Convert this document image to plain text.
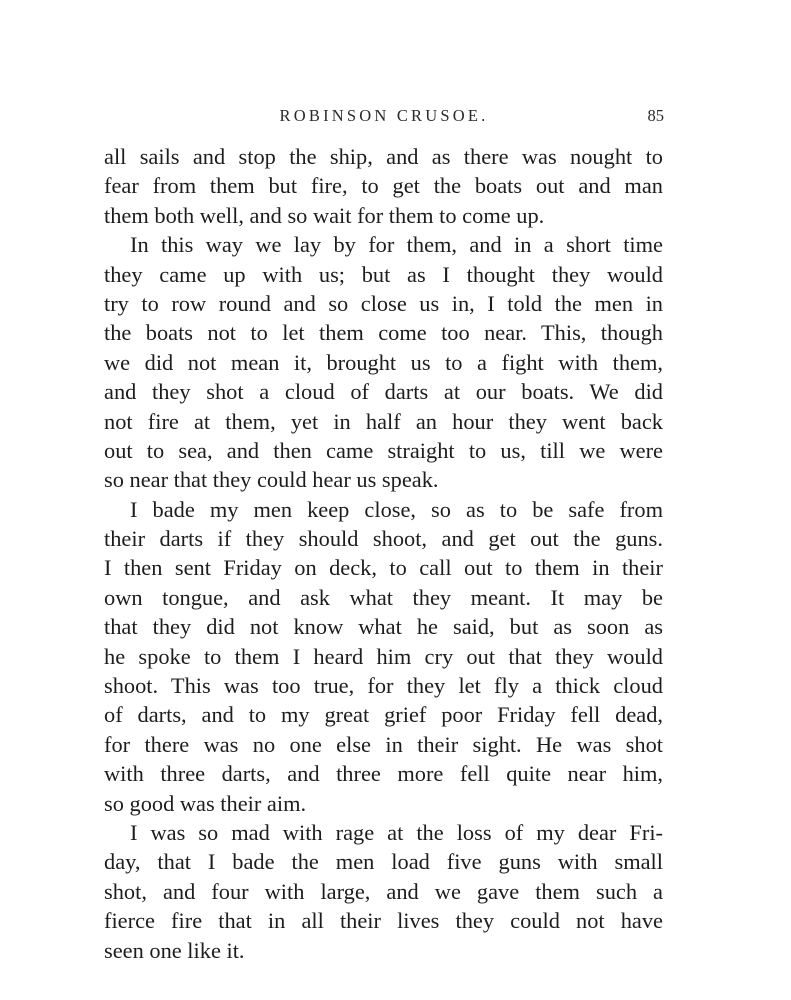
ROBINSON CRUSOE.	85
all sails and stop the ship, and as there was nought to
fear from them but fire, to get the boats out and man
them both well, and so wait for them to come up.
In this way we lay by for them, and in a short time
they came up with us; but as I thought they would
try to row round and so close us in, I told the men in
the boats not to let them come too near. This, though
we did not mean it, brought us to a fight with them,
and they shot a cloud of darts at our boats. We did
not fire at them, yet in half an hour they went back
out to sea, and then came straight to us, till we were
so near that they could hear us speak.
I bade my men keep close, so as to be safe from
their darts if they should shoot, and get out the guns.
I then sent Friday on deck, to call out to them in their
own tongue, and ask what they meant. It may be
that they did not know what he said, but as soon as
he spoke to them I heard him cry out that they would
shoot. This was too true, for they let fly a thick cloud
of darts, and to my great grief poor Friday fell dead,
for there was no one else in their sight. He was shot
with three darts, and three more fell quite near him,
so good was their aim.
I was so mad with rage at the loss of my dear Fri-
day, that I bade the men load five guns with small
shot, and four with large, and we gave them such a
fierce fire that in all their lives they could not have
seen one like it.
